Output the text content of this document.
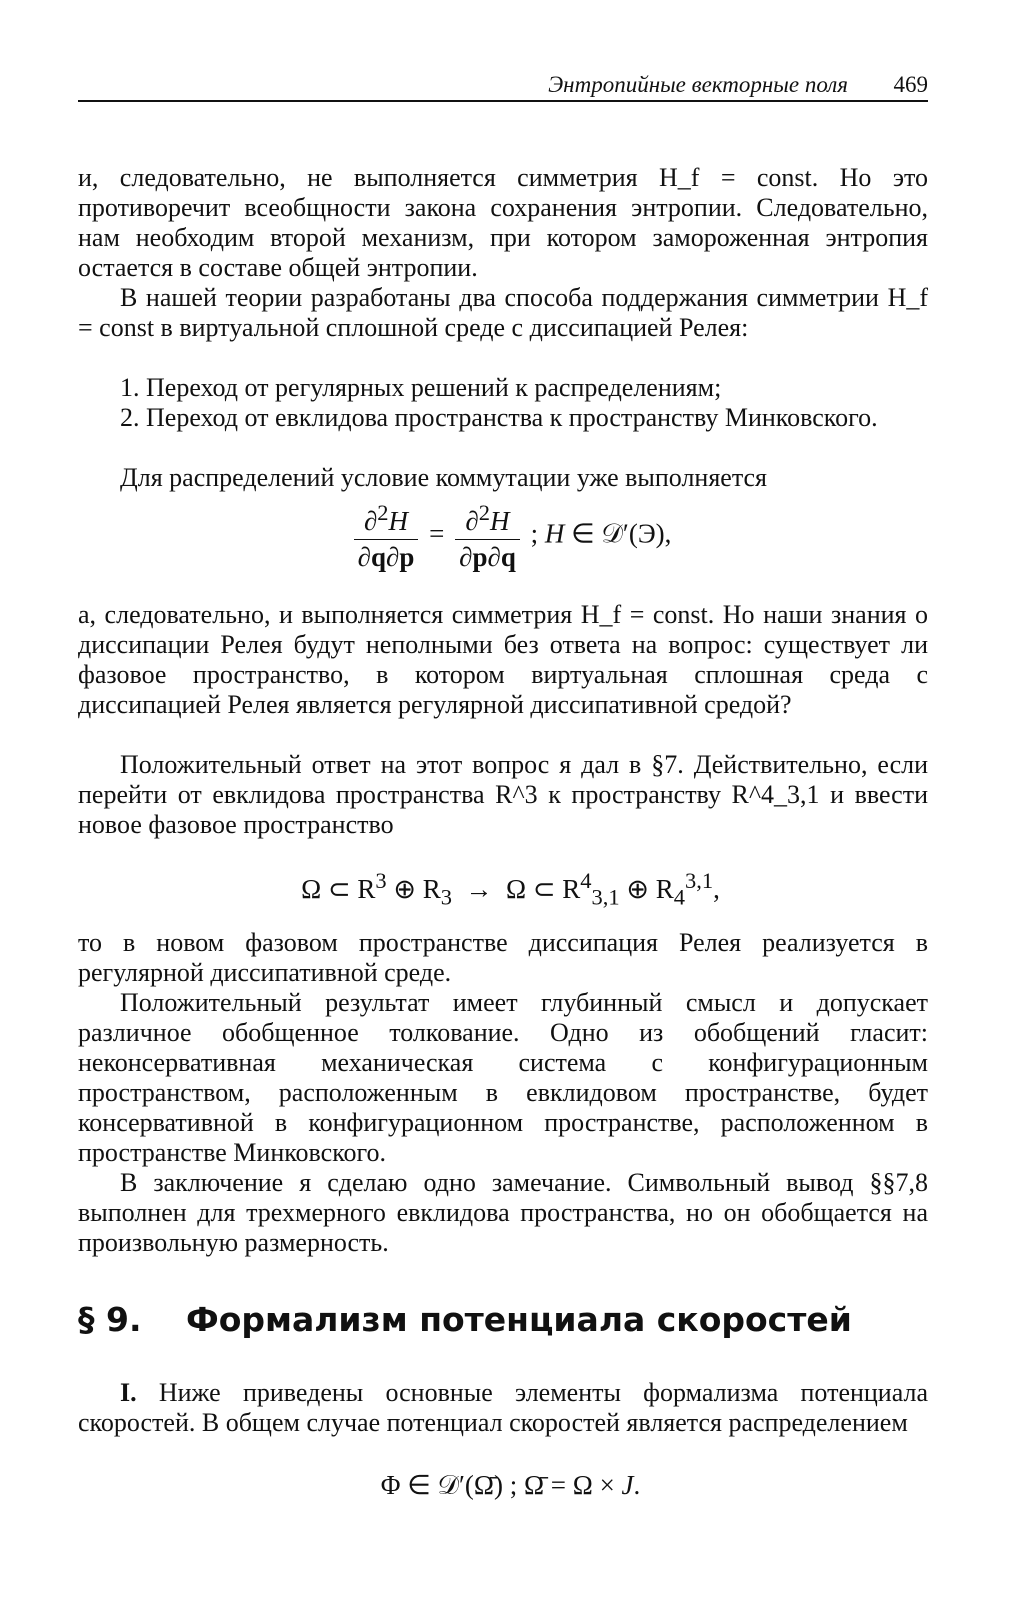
Энтропийные векторные поля 469

и, следовательно, не выполняется симметрия H_f = const. Но это противоречит всеобщности закона сохранения энтропии. Следовательно, нам необходим второй механизм, при котором замороженная энтропия остается в составе общей энтропии.

В нашей теории разработаны два способа поддержания симметрии H_f = const в виртуальной сплошной среде с диссипацией Релея:

1. Переход от регулярных решений к распределениям;

2. Переход от евклидова пространства к пространству Минковского.

Для распределений условие коммутации уже выполняется

$\frac{\partial^2H}{\partial q\partial p} = \frac{\partial^2H}{\partial p\partial q}$ ; H ∈ 𝒟′(Э),

а, следовательно, и выполняется симметрия H_f = const. Но наши знания о диссипации Релея будут неполными без ответа на вопрос: существует ли фазовое пространство, в котором виртуальная сплошная среда с диссипацией Релея является регулярной диссипативной средой?

Положительный ответ на этот вопрос я дал в §7. Действительно, если перейти от евклидова пространства R^3 к пространству R^4_3,1 и ввести новое фазовое пространство

Ω ⊂ $R^3$ ⊕ $R_3 \to \Omega$ ⊂ $R^4_{3,1}$ ⊕ $R_4^{3,1}$,

то в новом фазовом пространстве диссипация Релея реализуется в регулярной диссипативной среде.

Положительный результат имеет глубинный смысл и допускает различное обобщенное толкование. Одно из обобщений гласит: неконсервативная механическая система с конфигурационным пространством, расположенным в евклидовом пространстве, будет консервативной в конфигурационном пространстве, расположенном в пространстве Минковского.

В заключение я сделаю одно замечание. Символьный вывод §§7,8 выполнен для трехмерного евклидова пространства, но он обобщается на произвольную размерность.

§ 9. Формализм потенциала скоростей

I. Ниже приведены основные элементы формализма потенциала скоростей. В общем случае потенциал скоростей является распределением

Φ ∈ 𝒟′(Ω̄) ; Ω̄ = Ω × J.
